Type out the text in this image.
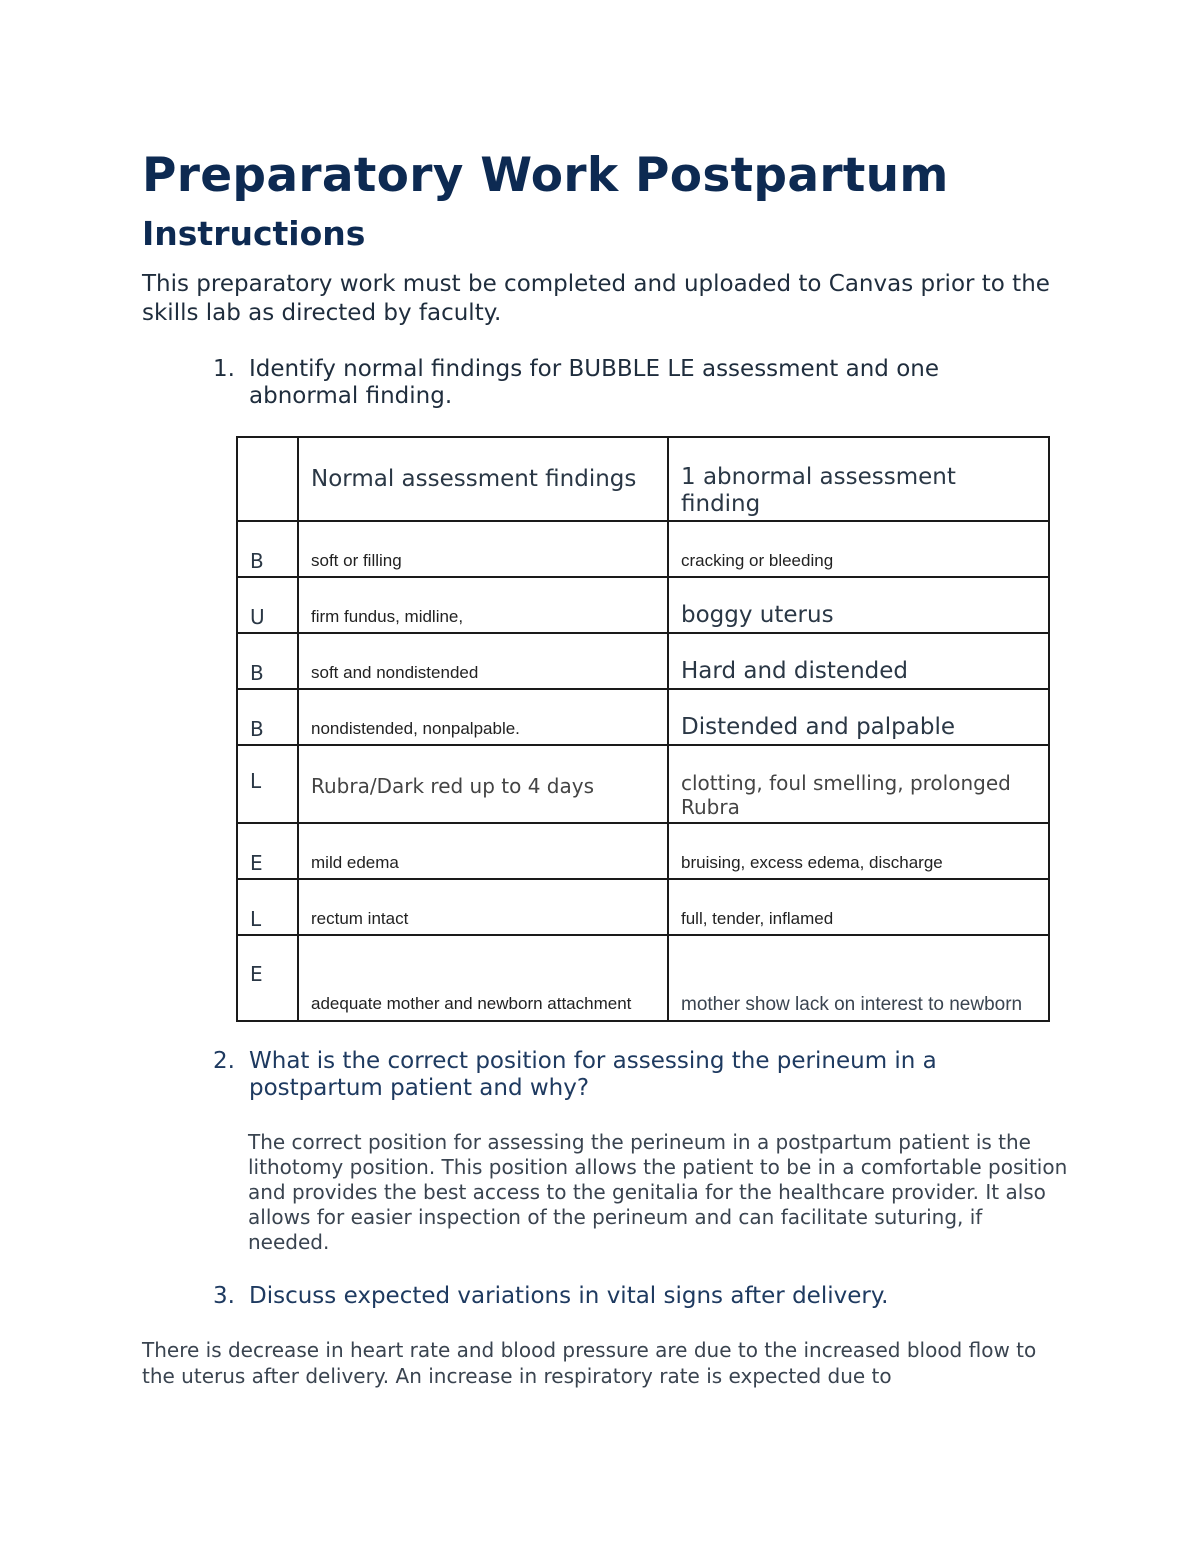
Preparatory Work Postpartum
Instructions

This preparatory work must be completed and uploaded to Canvas prior to the skills lab as directed by faculty.

1. Identify normal findings for BUBBLE LE assessment and one abnormal finding.
	Normal assessment findings	1 abnormal assessment finding
B	soft or filling	cracking or bleeding
U	firm fundus, midline,	boggy uterus
B	soft and nondistended	Hard and distended
B	nondistended, nonpalpable.	Distended and palpable
L	Rubra/Dark red up to 4 days	clotting, foul smelling, prolonged Rubra
E	mild edema	bruising, excess edema, discharge
L	rectum intact	full, tender, inflamed
E	adequate mother and newborn attachment	mother show lack on interest to newborn
2. What is the correct position for assessing the perineum in a postpartum patient and why?

The correct position for assessing the perineum in a postpartum patient is the lithotomy position. This position allows the patient to be in a comfortable position and provides the best access to the genitalia for the healthcare provider. It also allows for easier inspection of the perineum and can facilitate suturing, if needed.

3. Discuss expected variations in vital signs after delivery.

There is decrease in heart rate and blood pressure are due to the increased blood flow to the uterus after delivery. An increase in respiratory rate is expected due to
